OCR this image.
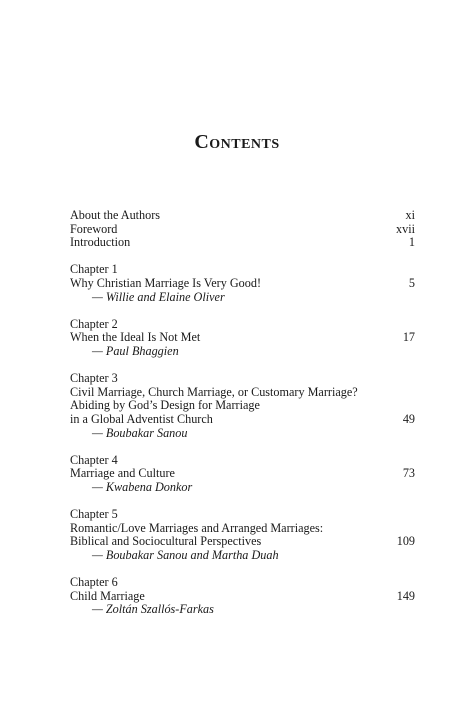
Contents
About the Authors	xi
Foreword	xvii
Introduction	1
Chapter 1
Why Christian Marriage Is Very Good!	5
— Willie and Elaine Oliver
Chapter 2
When the Ideal Is Not Met	17
— Paul Bhaggien
Chapter 3
Civil Marriage, Church Marriage, or Customary Marriage?
Abiding by God’s Design for Marriage
in a Global Adventist Church	49
— Boubakar Sanou
Chapter 4
Marriage and Culture	73
— Kwabena Donkor
Chapter 5
Romantic/Love Marriages and Arranged Marriages:
Biblical and Sociocultural Perspectives	109
— Boubakar Sanou and Martha Duah
Chapter 6
Child Marriage	149
— Zoltán Szallós-Farkas
